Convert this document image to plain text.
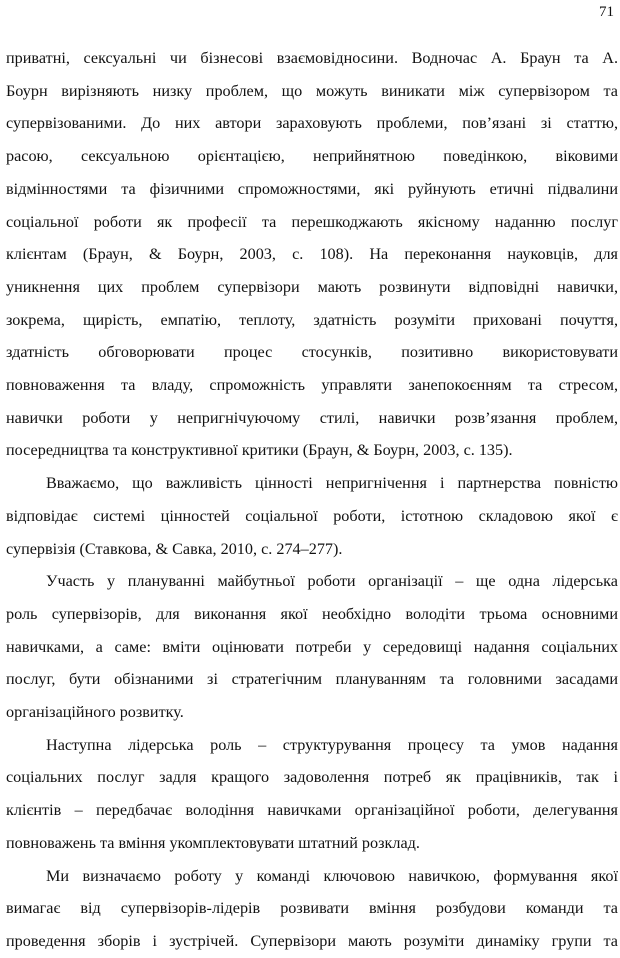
71

приватні, сексуальні чи бізнесові взаємовідносини. Водночас А. Браун та А.
Боурн вирізняють низку проблем, що можуть виникати між супервізором та
супервізованими. До них автори зараховують проблеми, пов’язані зі статтю,
расою, сексуальною орієнтацією, неприйнятною поведінкою, віковими
відмінностями та фізичними спроможностями, які руйнують етичні підвалини
соціальної роботи як професії та перешкоджають якісному наданню послуг
клієнтам (Браун, & Боурн, 2003, с. 108). На переконання науковців, для
уникнення цих проблем супервізори мають розвинути відповідні навички,
зокрема, щирість, емпатію, теплоту, здатність розуміти приховані почуття,
здатність обговорювати процес стосунків, позитивно використовувати
повноваження та владу, спроможність управляти занепокоєнням та стресом,
навички роботи у непригнічуючому стилі, навички розв’язання проблем,
посередництва та конструктивної критики (Браун, & Боурн, 2003, с. 135).

Вважаємо, що важливість цінності непригнічення і партнерства повністю
відповідає системі цінностей соціальної роботи, істотною складовою якої є
супервізія (Ставкова, & Савка, 2010, с. 274–277).

Участь у плануванні майбутньої роботи організації – ще одна лідерська
роль супервізорів, для виконання якої необхідно володіти трьома основними
навичками, а саме: вміти оцінювати потреби у середовищі надання соціальних
послуг, бути обізнаними зі стратегічним плануванням та головними засадами
організаційного розвитку.

Наступна лідерська роль – структурування процесу та умов надання
соціальних послуг задля кращого задоволення потреб як працівників, так і
клієнтів – передбачає володіння навичками організаційної роботи, делегування
повноважень та вміння укомплектовувати штатний розклад.

Ми визначаємо роботу у команді ключовою навичкою, формування якої
вимагає від супервізорів-лідерів розвивати вміння розбудови команди та
проведення зборів і зустрічей. Супервізори мають розуміти динаміку групи та
